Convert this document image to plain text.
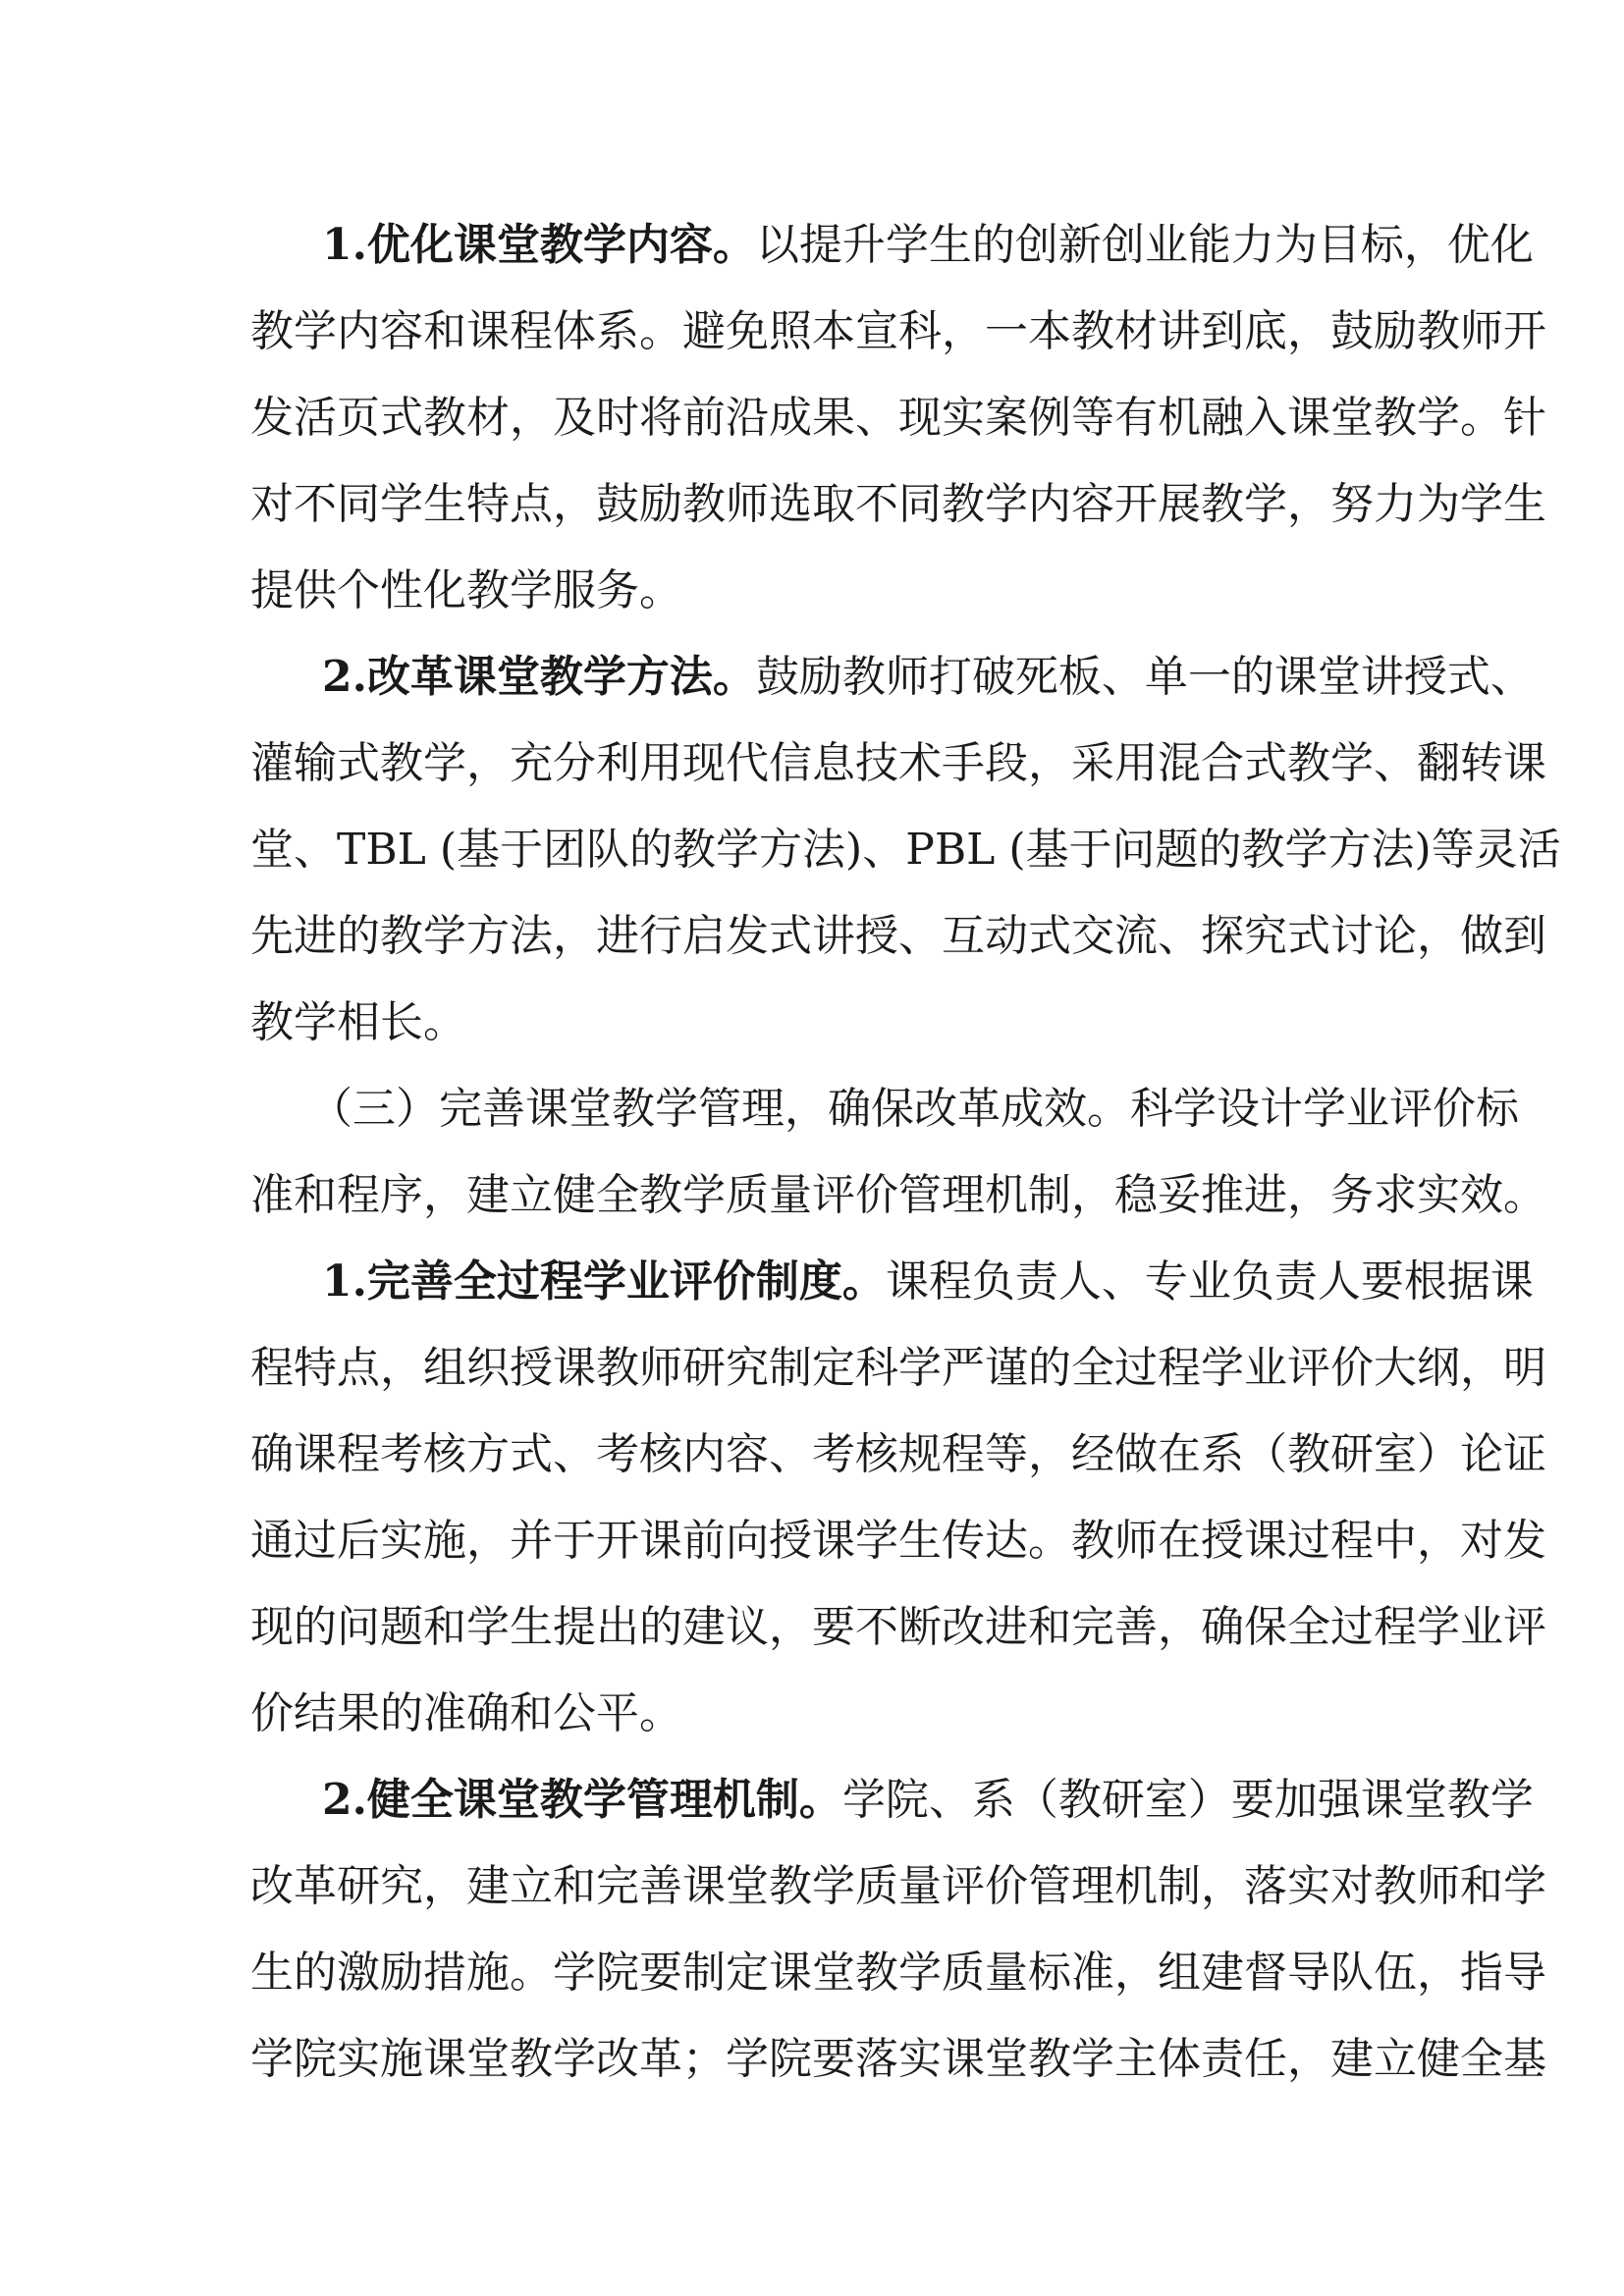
1.优化课堂教学内容。以提升学生的创新创业能力为目标，优化
教学内容和课程体系。避免照本宣科，一本教材讲到底，鼓励教师开
发活页式教材，及时将前沿成果、现实案例等有机融入课堂教学。针
对不同学生特点，鼓励教师选取不同教学内容开展教学，努力为学生
提供个性化教学服务。
2.改革课堂教学方法。鼓励教师打破死板、单一的课堂讲授式、
灌输式教学，充分利用现代信息技术手段，采用混合式教学、翻转课
堂、TBL (基于团队的教学方法)、PBL (基于问题的教学方法)等灵活
先进的教学方法，进行启发式讲授、互动式交流、探究式讨论，做到
教学相长。
（三）完善课堂教学管理，确保改革成效。科学设计学业评价标
准和程序，建立健全教学质量评价管理机制，稳妥推进，务求实效。
1.完善全过程学业评价制度。课程负责人、专业负责人要根据课
程特点，组织授课教师研究制定科学严谨的全过程学业评价大纲，明
确课程考核方式、考核内容、考核规程等，经做在系（教研室）论证
通过后实施，并于开课前向授课学生传达。教师在授课过程中，对发
现的问题和学生提出的建议，要不断改进和完善，确保全过程学业评
价结果的准确和公平。
2.健全课堂教学管理机制。学院、系（教研室）要加强课堂教学
改革研究，建立和完善课堂教学质量评价管理机制，落实对教师和学
生的激励措施。学院要制定课堂教学质量标准，组建督导队伍，指导
学院实施课堂教学改革；学院要落实课堂教学主体责任，建立健全基
